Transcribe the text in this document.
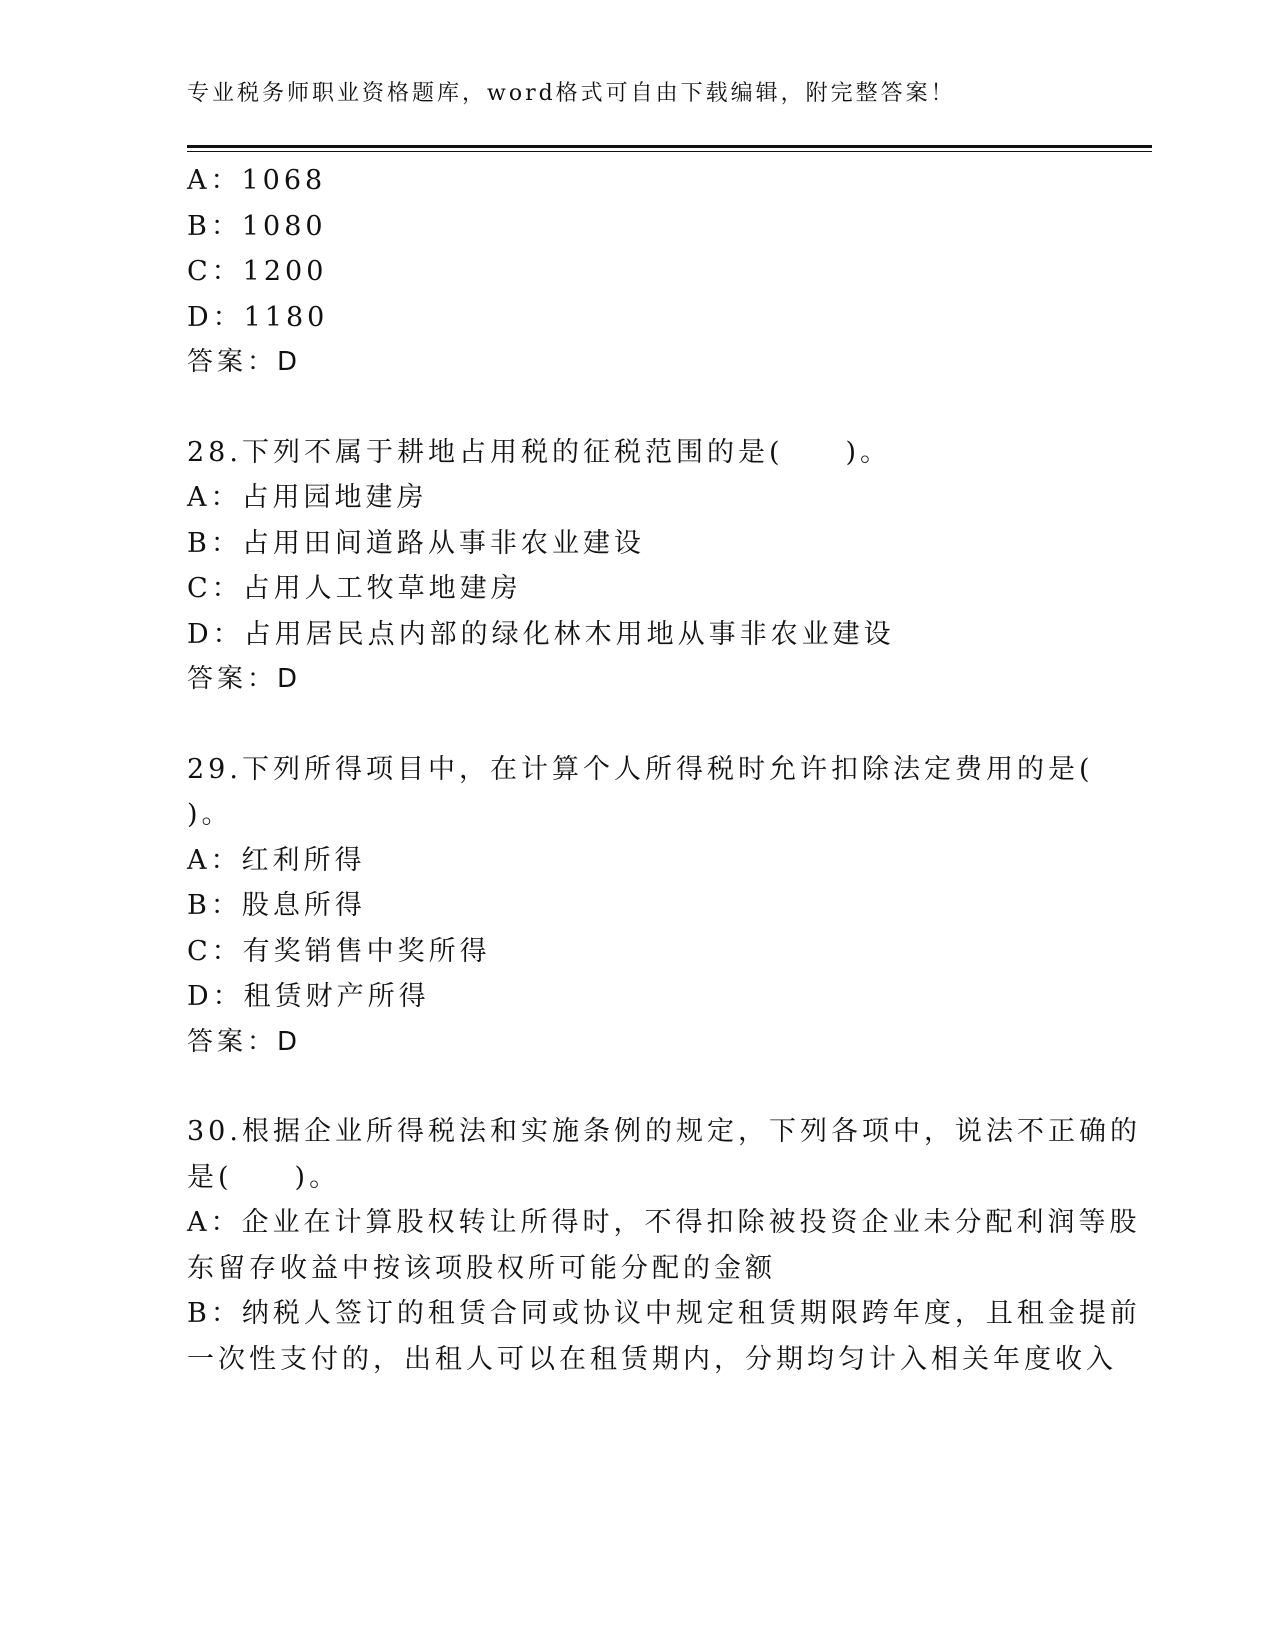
专业税务师职业资格题库，word格式可自由下载编辑，附完整答案！
A：1068
B：1080
C：1200
D：1180
答案：D
28.下列不属于耕地占用税的征税范围的是(　　)。
A：占用园地建房
B：占用田间道路从事非农业建设
C：占用人工牧草地建房
D：占用居民点内部的绿化林木用地从事非农业建设
答案：D
29.下列所得项目中，在计算个人所得税时允许扣除法定费用的是(
)。
A：红利所得
B：股息所得
C：有奖销售中奖所得
D：租赁财产所得
答案：D
30.根据企业所得税法和实施条例的规定，下列各项中，说法不正确的
是(　　)。
A：企业在计算股权转让所得时，不得扣除被投资企业未分配利润等股
东留存收益中按该项股权所可能分配的金额
B：纳税人签订的租赁合同或协议中规定租赁期限跨年度，且租金提前
一次性支付的，出租人可以在租赁期内，分期均匀计入相关年度收入
